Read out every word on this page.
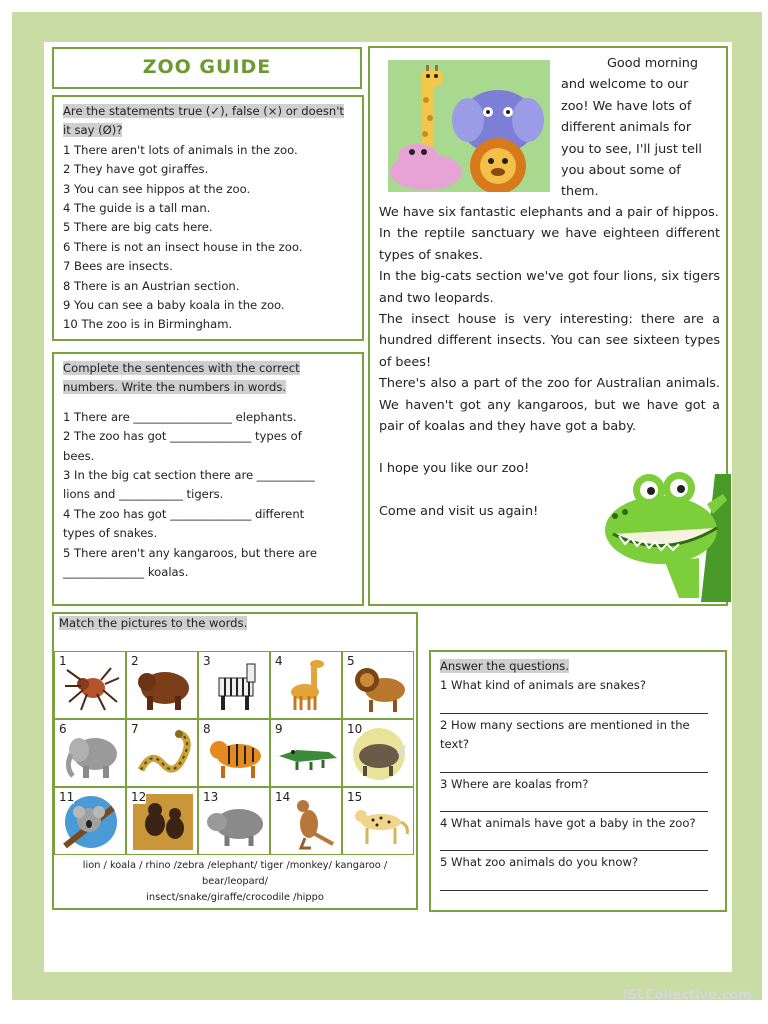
ZOO GUIDE
Are the statements true (✓), false (×) or doesn't it say (Ø)?
1 There aren't lots of animals in the zoo.
2 They have got giraffes.
3 You can see hippos at the zoo.
4 The guide is a tall man.
5 There are big cats here.
6 There is not an insect house in the zoo.
7 Bees are insects.
8 There is an Austrian section.
9 You can see a baby koala in the zoo.
10 The zoo is in Birmingham.
Complete the sentences with the correct numbers. Write the numbers in words.
1 There are _________________ elephants.
2 The zoo has got ______________ types of
bees.
3 In the big cat section there are __________
lions and ___________ tigers.
4 The zoo has got ______________ different
types of snakes.
5 There aren't any kangaroos, but there are
______________ koalas.
Good morning
and welcome to our
zoo! We have lots of
different animals for
you to see, I'll just tell
you about some of
them.

We have six fantastic elephants and a pair of hippos.

In the reptile sanctuary we have eighteen different types of snakes.

In the big-cats section we've got four lions, six tigers and two leopards.

The insect house is very interesting: there are a hundred different insects. You can see sixteen types of bees!

There's also a part of the zoo for Australian animals. We haven't got any kangaroos, but we have got a pair of koalas and they have got a baby.

I hope you like our zoo!

Come and visit us again!

Match the pictures to the words.
1	2	3	4	5
6	7	8	9	10
11	12	13	14	15
lion / koala / rhino /zebra /elephant/ tiger /monkey/ kangaroo /
bear/leopard/
insect/snake/giraffe/crocodile /hippo
Answer the questions.
1 What kind of animals are snakes?
2 How many sections are mentioned in the text?
3 Where are koalas from?
4 What animals have got a baby in the zoo?
5 What zoo animals do you know?
iSLCollective.com
